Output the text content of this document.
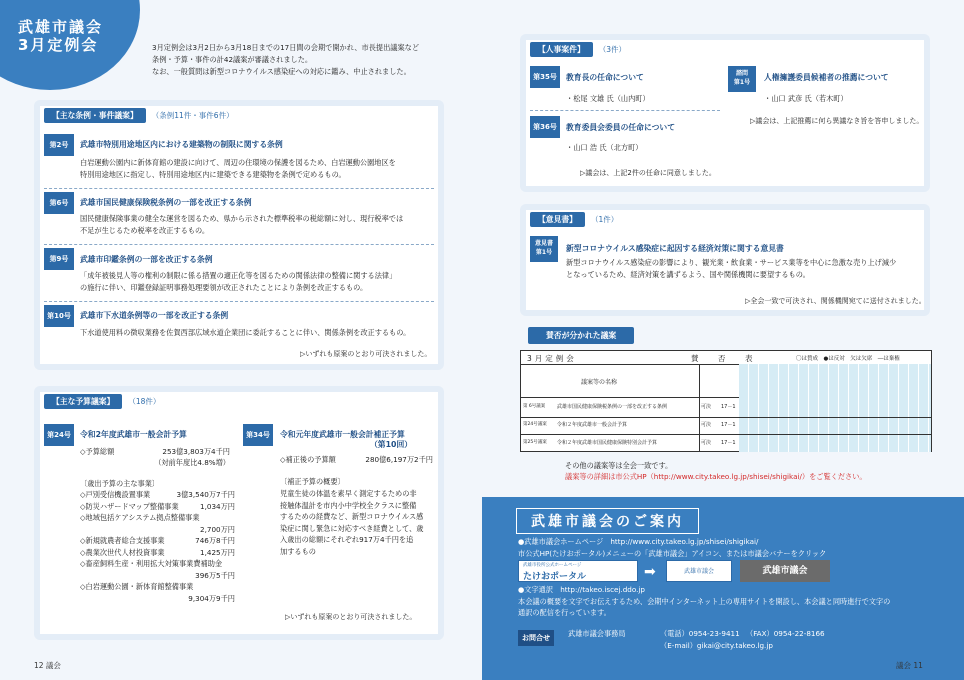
武雄市議会
3月定例会	3月定例会は3月2日から3月18日までの17日間の会期で開かれ、市長提出議案など
条例・予算・事件の計42議案が審議されました。
なお、一般質問は新型コロナウイルス感染症への対応に鑑み、中止されました。
【主な条例・事件議案】 （条例11件・事件6件）
第2号	武雄市特別用途地区内における建築物の制限に関する条例
白岩運動公園内に新体育館の建設に向けて、周辺の住環境の保護を図るため、白岩運動公園地区を
特別用途地区に指定し、特別用途地区内に建築できる建築物を条例で定めるもの。
第6号	武雄市国民健康保険税条例の一部を改正する条例
国民健康保険事業の健全な運営を図るため、県から示された標準税率の税総額に対し、現行税率では
不足が生じるため税率を改正するもの。
第9号	武雄市印鑑条例の一部を改正する条例
「成年被後見人等の権利の制限に係る措置の適正化等を図るための関係法律の整備に関する法律」
の施行に伴い、印鑑登録証明事務処理要領が改正されたことにより条例を改正するもの。
第10号	武雄市下水道条例等の一部を改正する条例
下水道使用料の徴収業務を佐賀西部広域水道企業団に委託することに伴い、関係条例を改正するもの。
▷いずれも原案のとおり可決されました。
【主な予算議案】 （18件）
第24号	令和2年度武雄市一般会計予算
◇予算総額	253億3,803万4千円
（対前年度比4.8%増）
〔歳出予算の主な事業〕
◇戸別受信機設置事業	3億3,540万7千円
◇防災ハザードマップ整備事業	1,034万円
◇地域包括ケアシステム拠点整備事業
2,700万円
◇新規就農者総合支援事業	746万8千円
◇農業次世代人材投資事業	1,425万円
◇畜産飼料生産・利用拡大対策事業費補助金
396万5千円
◇白岩運動公園・新体育館整備事業
9,304万9千円
第34号	令和元年度武雄市一般会計補正予算
（第10回）
◇補正後の予算額	280億6,197万2千円
〔補正予算の概要〕
児童生徒の体温を素早く測定するための非
接触体温計を市内小中学校全クラスに整備
するための経費など、新型コロナウイルス感
染症に関し緊急に対応すべき経費として、歳
入歳出の総額にそれぞれ917万4千円を追
加するもの
▷いずれも原案のとおり可決されました。
【人事案件】 （3件）
第35号	教育長の任命について
・松尾 文雄 氏（山内町）
第36号	教育委員会委員の任命について
・山口 浩 氏（北方町）
▷議会は、上記2件の任命に同意しました。
諮問
第1号
人権擁護委員候補者の推薦について
・山口 武彦 氏（若木町）
▷議会は、上記推薦に何ら異議なき旨を答申しました。
【意見書】 （1件）
意見書
第1号	新型コロナウイルス感染症に起因する経済対策に関する意見書
新型コロナウイルス感染症の影響により、観光業・飲食業・サービス業等を中心に急激な売り上げ減少
となっているため、経済対策を講ずるよう、国や関係機関に要望するもの。
▷全会一致で可決され、関係機関宛てに送付されました。
賛否が分かれた議案
3月定例会	賛　否　表	〇は賛成　●は反対　欠は欠席　―は棄権
議案等の名称
第 6号議案 武雄市国民健康保険税条例の一部を改正する条例	可決 17－1
第24号議案 令和２年度武雄市一般会計予算	可決 17－1
第25号議案 令和２年度武雄市国民健康保険特別会計予算	可決 17－1
その他の議案等は全会一致です。
議案等の詳細は市公式HP（http://www.city.takeo.lg.jp/shisei/shigikai/）をご覧ください。
武雄市議会のご案内
●武雄市議会ホームページ　http://www.city.takeo.lg.jp/shisei/shigikai/
市公式HP(たけおポータル)メニューの「武雄市議会」アイコン、または市議会バナーをクリック
武雄市役所公式ホームページ
たけおポータル	➡	武雄市議会	武雄市議会
●文字通訳　http://takeo.iscej.ddo.jp
本会議の概要を文字でお伝えするため、会期中インターネット上の専用サイトを開設し、本会議と同時進行で文字の
通訳の配信を行っています。
お問合せ	武雄市議会事務局	（電話）0954-23-9411 （FAX）0954-22-8166
（E-mail）gikai@city.takeo.lg.jp
12 議会	議会 11
